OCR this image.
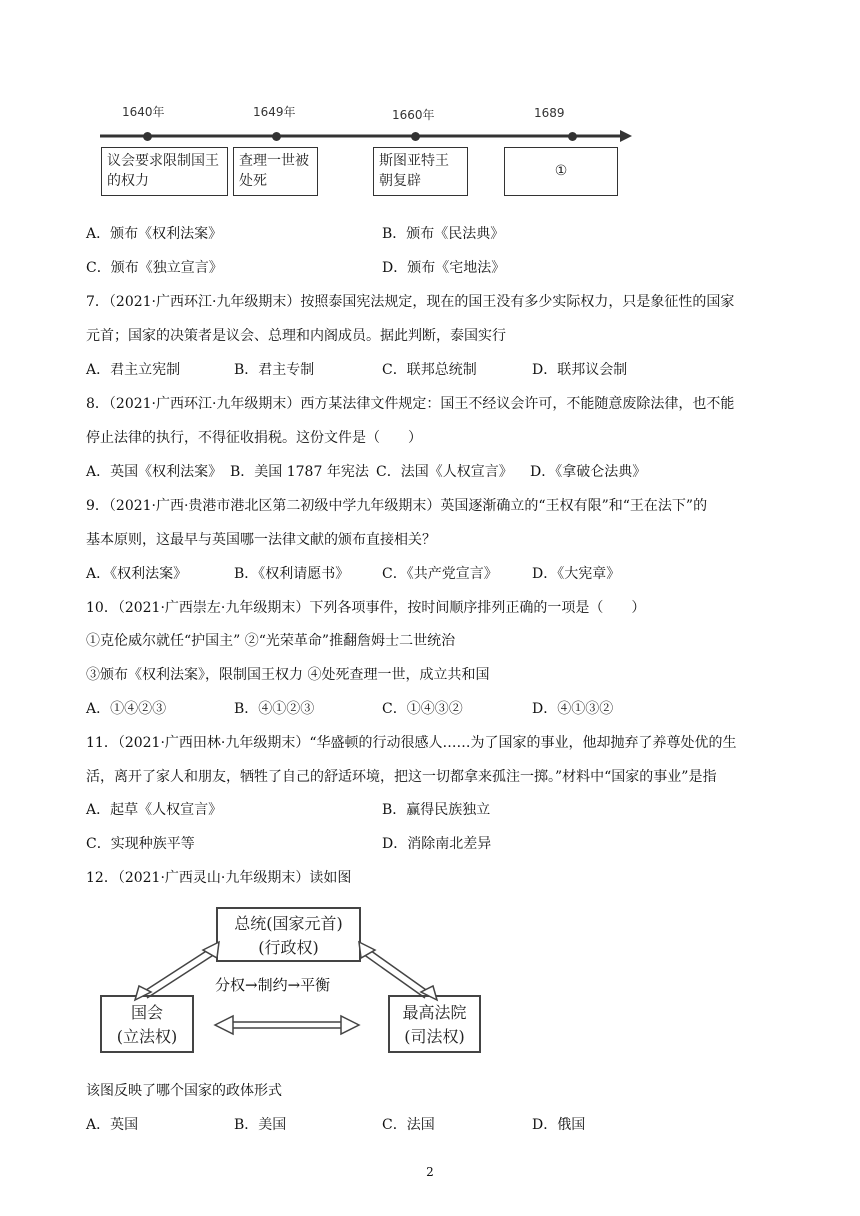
1640年	1649年	1660年	1689
议会要求限制国王的权力
查理一世被处死
斯图亚特王朝复辟
①
A．颁布《权利法案》	B．颁布《民法典》
C．颁布《独立宣言》	D．颁布《宅地法》
7．（2021·广西环江·九年级期末）按照泰国宪法规定，现在的国王没有多少实际权力，只是象征性的国家
元首；国家的决策者是议会、总理和内阁成员。据此判断，泰国实行
A．君主立宪制	B．君主专制	C．联邦总统制	D．联邦议会制
8．（2021·广西环江·九年级期末）西方某法律文件规定：国王不经议会许可，不能随意废除法律，也不能
停止法律的执行，不得征收捐税。这份文件是（　　）
A．英国《权利法案》 B．美国 1787 年宪法 C．法国《人权宣言》 D．《拿破仑法典》
9．（2021·广西·贵港市港北区第二初级中学九年级期末）英国逐渐确立的“王权有限”和“王在法下”的
基本原则，这最早与英国哪一法律文献的颁布直接相关？
A．《权利法案》	B．《权利请愿书》 C．《共产党宣言》 D．《大宪章》
10．（2021·广西崇左·九年级期末）下列各项事件，按时间顺序排列正确的一项是（　　）
①克伦威尔就任“护国主” ②“光荣革命”推翻詹姆士二世统治
③颁布《权利法案》，限制国王权力 ④处死查理一世，成立共和国
A．①④②③	B．④①②③	C．①④③②	D．④①③②
11．（2021·广西田林·九年级期末）“华盛顿的行动很感人……为了国家的事业，他却抛弃了养尊处优的生
活，离开了家人和朋友，牺牲了自己的舒适环境，把这一切都拿来孤注一掷。”材料中“国家的事业”是指
A．起草《人权宣言》	B．赢得民族独立
C．实现种族平等	D．消除南北差异
12．（2021·广西灵山·九年级期末）读如图
总统(国家元首)
(行政权)
国会
(立法权)
最高法院
(司法权)
分权→制约→平衡
该图反映了哪个国家的政体形式
A．英国	B．美国	C．法国	D．俄国
2
